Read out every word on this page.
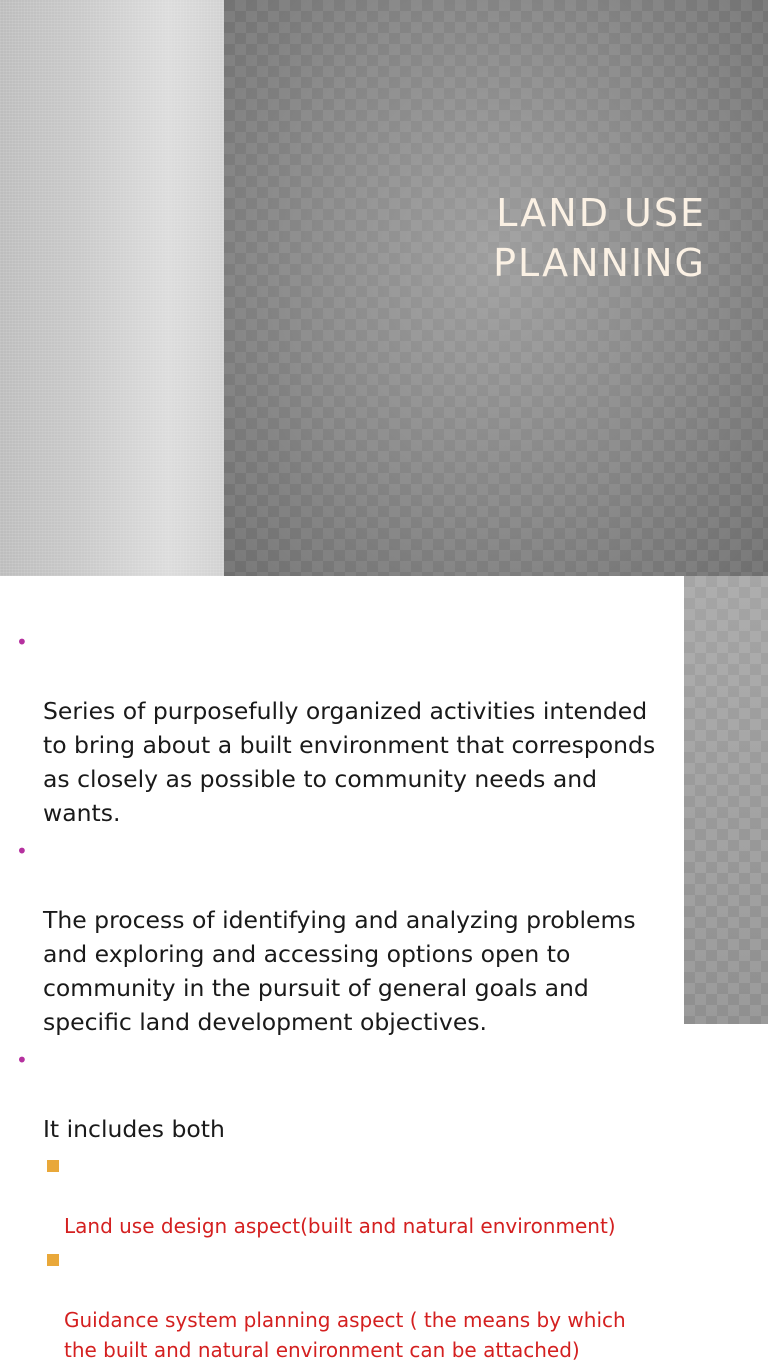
LAND USE
PLANNING

•

Series of purposefully organized activities intended
to bring about a built environment that corresponds
as closely as possible to community needs and
wants.

•

The process of identifying and analyzing problems
and exploring and accessing options open to
community in the pursuit of general goals and
specific land development objectives.

•

It includes both

Land use design aspect(built and natural environment)

Guidance system planning aspect ( the means by which
the built and natural environment can be attached)
